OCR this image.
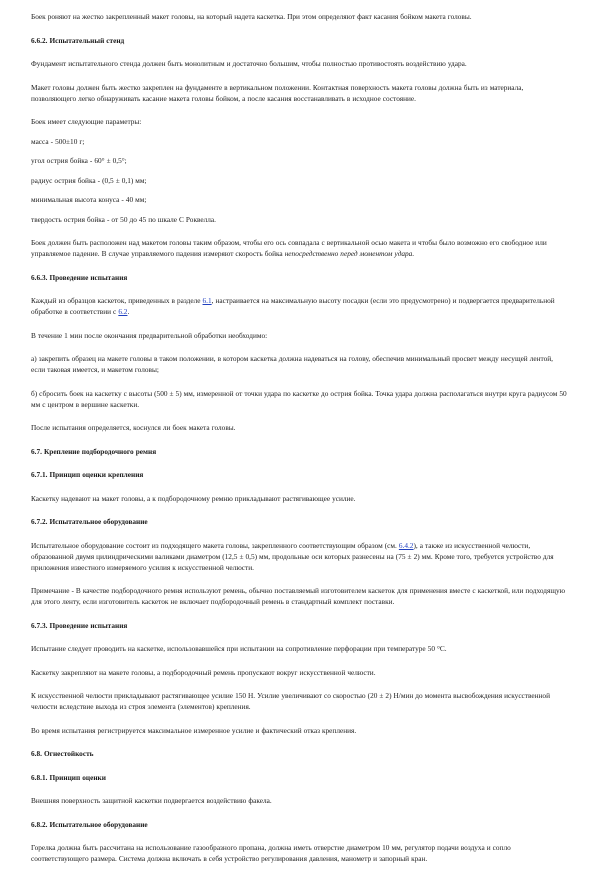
Боек роняют на жестко закрепленный макет головы, на который надета каскетка. При этом определяют факт касания бойком макета головы.
6.6.2. Испытательный стенд
Фундамент испытательного стенда должен быть монолитным и достаточно большим, чтобы полностью противостоять воздействию удара.
Макет головы должен быть жестко закреплен на фундаменте в вертикальном положении. Контактная поверхность макета головы должна быть из материала, позволяющего легко обнаруживать касание макета головы бойком, а после касания восстанавливать в исходное состояние.
Боек имеет следующие параметры:
масса - 500±10 г;
угол острия бойка - 60° ± 0,5°;
радиус острия бойка - (0,5 ± 0,1) мм;
минимальная высота конуса - 40 мм;
твердость острия бойка - от 50 до 45 по шкале С Роквелла.
Боек должен быть расположен над макетом головы таким образом, чтобы его ось совпадала с вертикальной осью макета и чтобы было возможно его свободное или управляемое падение. В случае управляемого падения измеряют скорость бойка непосредственно перед моментом удара.
6.6.3. Проведение испытания
Каждый из образцов каскеток, приведенных в разделе 6.1, настраивается на максимальную высоту посадки (если это предусмотрено) и подвергается предварительной обработке в соответствии с 6.2.
В течение 1 мин после окончания предварительной обработки необходимо:
а) закрепить образец на макете головы в таком положении, в котором каскетка должна надеваться на голову, обеспечив минимальный просвет между несущей лентой, если таковая имеется, и макетом головы;
б) сбросить боек на каскетку с высоты (500 ± 5) мм, измеренной от точки удара по каскетке до острия бойка. Точка удара должна располагаться внутри круга радиусом 50 мм с центром в вершине каскетки.
После испытания определяется, коснулся ли боек макета головы.
6.7. Крепление подбородочного ремня
6.7.1. Принцип оценки крепления
Каскетку надевают на макет головы, а к подбородочному ремню прикладывают растягивающее усилие.
6.7.2. Испытательное оборудование
Испытательное оборудование состоит из подходящего макета головы, закрепленного соответствующим образом (см. 6.4.2), а также из искусственной челюсти, образованной двумя цилиндрическими валиками диаметром (12,5 ± 0,5) мм, продольные оси которых разнесены на (75 ± 2) мм. Кроме того, требуется устройство для приложения известного измеряемого усилия к искусственной челюсти.
Примечание - В качестве подбородочного ремня используют ремень, обычно поставляемый изготовителем каскеток для применения вместе с каскеткой, или подходящую для этого ленту, если изготовитель каскеток не включает подбородочный ремень в стандартный комплект поставки.
6.7.3. Проведение испытания
Испытание следует проводить на каскетке, использовавшейся при испытании на сопротивление перфорации при температуре 50 °С.
Каскетку закрепляют на макете головы, а подбородочный ремень пропускают вокруг искусственной челюсти.
К искусственной челюсти прикладывают растягивающее усилие 150 Н. Усилие увеличивают со скоростью (20 ± 2) Н/мин до момента высвобождения искусственной челюсти вследствие выхода из строя элемента (элементов) крепления.
Во время испытания регистрируется максимальное измеренное усилие и фактический отказ крепления.
6.8. Огнестойкость
6.8.1. Принцип оценки
Внешняя поверхность защитной каскетки подвергается воздействию факела.
6.8.2. Испытательное оборудование
Горелка должна быть рассчитана на использование газообразного пропана, должна иметь отверстие диаметром 10 мм, регулятор подачи воздуха и сопло соответствующего размера. Система должна включать в себя устройство регулирования давления, манометр и запорный кран.
